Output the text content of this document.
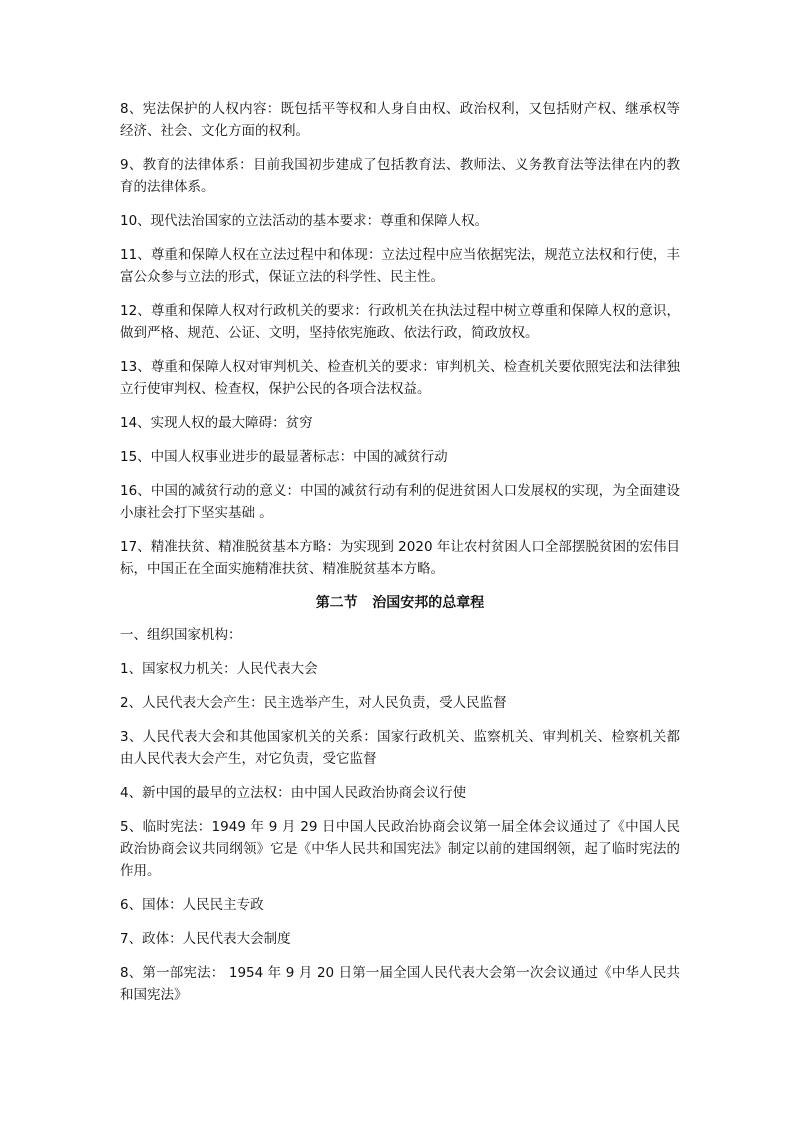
8、宪法保护的人权内容：既包括平等权和人身自由权、政治权利，又包括财产权、继承权等经济、社会、文化方面的权利。

9、教育的法律体系：目前我国初步建成了包括教育法、教师法、义务教育法等法律在内的教育的法律体系。

10、现代法治国家的立法活动的基本要求：尊重和保障人权。

11、尊重和保障人权在立法过程中和体现：立法过程中应当依据宪法，规范立法权和行使，丰富公众参与立法的形式，保证立法的科学性、民主性。

12、尊重和保障人权对行政机关的要求：行政机关在执法过程中树立尊重和保障人权的意识，做到严格、规范、公证、文明，坚持依宪施政、依法行政，简政放权。

13、尊重和保障人权对审判机关、检查机关的要求：审判机关、检查机关要依照宪法和法律独立行使审判权、检查权，保护公民的各项合法权益。

14、实现人权的最大障碍：贫穷

15、中国人权事业进步的最显著标志：中国的减贫行动

16、中国的减贫行动的意义：中国的减贫行动有利的促进贫困人口发展权的实现，为全面建设小康社会打下坚实基础 。

17、精准扶贫、精准脱贫基本方略：为实现到 2020 年让农村贫困人口全部摆脱贫困的宏伟目标，中国正在全面实施精准扶贫、精准脱贫基本方略。

第二节   治国安邦的总章程

一、组织国家机构：

1、国家权力机关：人民代表大会

2、人民代表大会产生：民主选举产生，对人民负责，受人民监督

3、人民代表大会和其他国家机关的关系：国家行政机关、监察机关、审判机关、检察机关都由人民代表大会产生，对它负责，受它监督

4、新中国的最早的立法权：由中国人民政治协商会议行使

5、临时宪法：1949 年 9 月 29 日中国人民政治协商会议第一届全体会议通过了《中国人民政治协商会议共同纲领》它是《中华人民共和国宪法》制定以前的建国纲领，起了临时宪法的作用。

6、国体：人民民主专政

7、政体：人民代表大会制度

8、第一部宪法： 1954 年 9 月 20 日第一届全国人民代表大会第一次会议通过《中华人民共和国宪法》
